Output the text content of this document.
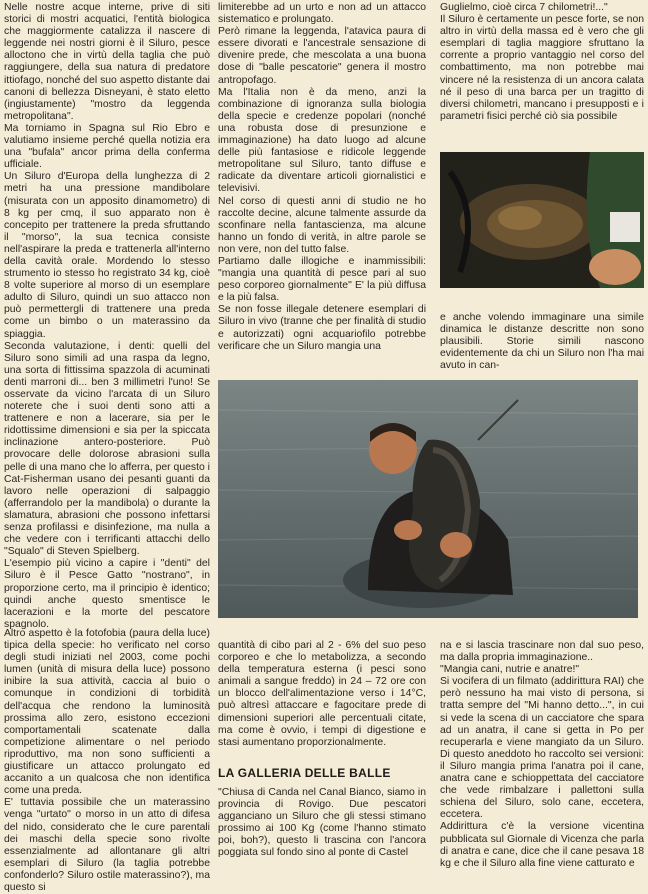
Nelle nostre acque interne, prive di siti storici di mostri acquatici, l'entità biologica che maggiormente catalizza il nascere di leggende nei nostri giorni è il Siluro, pesce alloctono che in virtù della taglia che può raggiungere, della sua natura di predatore ittiofago, nonché del suo aspetto distante dai canoni di bellezza Disneyani, è stato eletto (ingiustamente) "mostro da leggenda metropolitana".

Ma torniamo in Spagna sul Rio Ebro e valutiamo insieme perché quella notizia era una "bufala" ancor prima della conferma ufficiale.

Un Siluro d'Europa della lunghezza di 2 metri ha una pressione mandibolare (misurata con un apposito dinamometro) di 8 kg per cmq, il suo apparato non è concepito per trattenere la preda sfruttando il "morso", la sua tecnica consiste nell'aspirare la preda e trattenerla all'interno della cavità orale. Mordendo lo stesso strumento io stesso ho registrato 34 kg, cioè 8 volte superiore al morso di un esemplare adulto di Siluro, quindi un suo attacco non può permettergli di trattenere una preda come un bimbo o un materassino da spiaggia.

Seconda valutazione, i denti: quelli del Siluro sono simili ad una raspa da legno, una sorta di fittissima spazzola di acuminati denti marroni di... ben 3 millimetri l'uno! Se osservate da vicino l'arcata di un Siluro noterete che i suoi denti sono atti a trattenere e non a lacerare, sia per le ridottissime dimensioni e sia per la spiccata inclinazione antero-posteriore. Può provocare delle dolorose abrasioni sulla pelle di una mano che lo afferra, per questo i Cat-Fisherman usano dei pesanti guanti da lavoro nelle operazioni di salpaggio (afferrandolo per la mandibola) o durante la slamatura, abrasioni che possono infettarsi senza profilassi e disinfezione, ma nulla a che vedere con i terrificanti attacchi dello "Squalo" di Steven Spielberg.

L'esempio più vicino a capire i "denti" del Siluro è il Pesce Gatto "nostrano", in proporzione certo, ma il principio è identico; quindi anche questo smentisce le lacerazioni e la morte del pescatore spagnolo.

Altro aspetto è la fotofobia (paura della luce) tipica della specie: ho verificato nel corso degli studi iniziati nel 2003, come pochi lumen (unità di misura della luce) possono inibire la sua attività, caccia al buio o comunque in condizioni di torbidità dell'acqua che rendono la luminosità prossima allo zero, esistono eccezioni comportamentali scatenate dalla competizione alimentare o nel periodo riproduttivo, ma non sono sufficienti a giustificare un attacco prolungato ed accanito a un qualcosa che non identifica come una preda.

E' tuttavia possibile che un materassino venga "urtato" o morso in un atto di difesa del nido, considerato che le cure parentali dei maschi della specie sono rivolte essenzialmente ad allontanare gli altri esemplari di Siluro (la taglia potrebbe confonderlo? Siluro ostile materassino?), ma questo si

limiterebbe ad un urto e non ad un attacco sistematico e prolungato.

Però rimane la leggenda, l'atavica paura di essere divorati e l'ancestrale sensazione di divenire prede, che mescolata a una buona dose di "balle pescatorie" genera il mostro antropofago.

Ma l'Italia non è da meno, anzi la combinazione di ignoranza sulla biologia della specie e credenze popolari (nonché una robusta dose di presunzione e immaginazione) ha dato luogo ad alcune delle più fantasiose e ridicole leggende metropolitane sul Siluro, tanto diffuse e radicate da diventare articoli giornalistici e televisivi.

Nel corso di questi anni di studio ne ho raccolte decine, alcune talmente assurde da sconfinare nella fantascienza, ma alcune hanno un fondo di verità, in altre parole se non vere, non del tutto false.

Partiamo dalle illogiche e inammissibili: "mangia una quantità di pesce pari al suo peso corporeo giornalmente" E' la più diffusa e la più falsa.

Se non fosse illegale detenere esemplari di Siluro in vivo (tranne che per finalità di studio e autorizzati) ogni acquariofilo potrebbe verificare che un Siluro mangia una

Guglielmo, cioè circa 7 chilometri!..."

Il Siluro è certamente un pesce forte, se non altro in virtù della massa ed è vero che gli esemplari di taglia maggiore sfruttano la corrente a proprio vantaggio nel corso del combattimento, ma non potrebbe mai vincere né la resistenza di un ancora calata né il peso di una barca per un tragitto di diversi chilometri, mancano i presupposti e i parametri fisici perché ciò sia possibile

e anche volendo immaginare una simile dinamica le distanze descritte non sono plausibili. Storie simili nascono evidentemente da chi un Siluro non l'ha mai avuto in can-

quantità di cibo pari al 2 - 6% del suo peso corporeo e che lo metabolizza, a secondo della temperatura esterna (i pesci sono animali a sangue freddo) in 24 – 72 ore con un blocco dell'alimentazione verso i 14°C, può altresì attaccare e fagocitare prede di dimensioni superiori alle percentuali citate, ma come è ovvio, i tempi di digestione e stasi aumentano proporzionalmente.

LA GALLERIA DELLE BALLE

"Chiusa di Canda nel Canal Bianco, siamo in provincia di Rovigo. Due pescatori agganciano un Siluro che gli stessi stimano prossimo ai 100 Kg (come l'hanno stimato poi, boh?), questo li trascina con l'ancora poggiata sul fondo sino al ponte di Castel

na e si lascia trascinare non dal suo peso, ma dalla propria immaginazione..

"Mangia cani, nutrie e anatre!"

Si vocifera di un filmato (addirittura RAI) che però nessuno ha mai visto di persona, si tratta sempre del "Mi hanno detto...", in cui si vede la scena di un cacciatore che spara ad un anatra, il cane si getta in Po per recuperarla e viene mangiato da un Siluro. Di questo aneddoto ho raccolto sei versioni: il Siluro mangia prima l'anatra poi il cane, anatra cane e schioppettata del cacciatore che vede rimbalzare i pallettoni sulla schiena del Siluro, solo cane, eccetera, eccetera.

Addirittura c'è la versione vicentina pubblicata sul Giornale di Vicenza che parla di anatra e cane, dice che il cane pesava 18 kg e che il Siluro alla fine viene catturato e
